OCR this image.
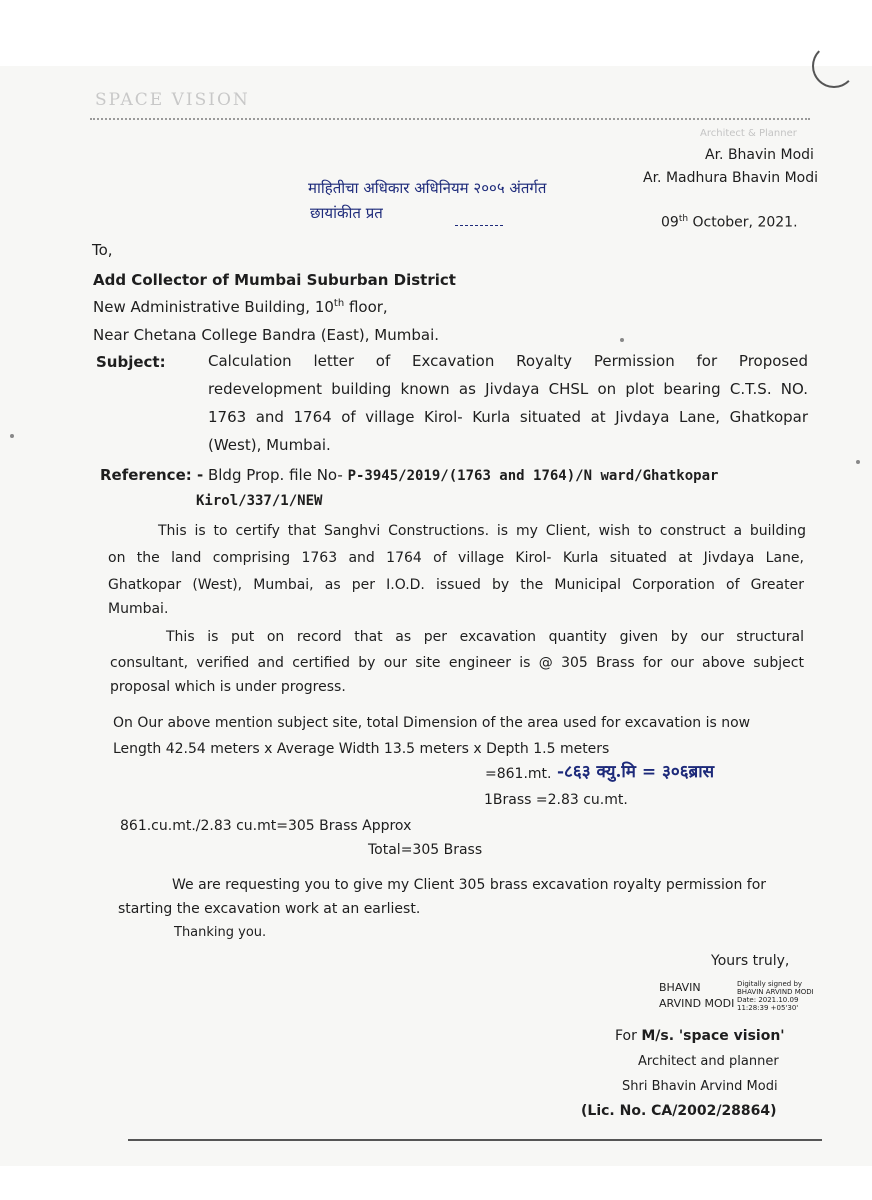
SPACE VISION
Architect & Planner
Ar. Bhavin Modi
Ar. Madhura Bhavin Modi
माहितीचा अधिकार अधिनियम २००५ अंतर्गत
छायांकीत प्रत
09th October, 2021.
To,
Add Collector of Mumbai Suburban District
New Administrative Building, 10th floor,
Near Chetana College Bandra (East), Mumbai.
Subject:	Calculation letter of Excavation Royalty Permission for Proposed
redevelopment building known as Jivdaya CHSL on plot bearing C.T.S. NO.
1763 and 1764 of village Kirol- Kurla situated at Jivdaya Lane, Ghatkopar
(West), Mumbai.
Reference: - Bldg Prop. file No- P-3945/2019/(1763 and 1764)/N ward/Ghatkopar
Kirol/337/1/NEW
This is to certify that Sanghvi Constructions. is my Client, wish to construct a building
on the land comprising 1763 and 1764 of village Kirol- Kurla situated at Jivdaya Lane,
Ghatkopar (West), Mumbai, as per I.O.D. issued by the Municipal Corporation of Greater
Mumbai.
This is put on record that as per excavation quantity given by our structural
consultant, verified and certified by our site engineer is @ 305 Brass for our above subject
proposal which is under progress.
On Our above mention subject site, total Dimension of the area used for excavation is now
Length 42.54 meters x Average Width 13.5 meters x Depth 1.5 meters
=861.mt. -८६३ क्यु.मि = ३०६ब्रास
1Brass =2.83 cu.mt.
861.cu.mt./2.83 cu.mt=305 Brass Approx
Total=305 Brass
We are requesting you to give my Client 305 brass excavation royalty permission for
starting the excavation work at an earliest.
Thanking you.
Yours truly,
BHAVIN
ARVIND MODI
Digitally signed by
BHAVIN ARVIND MODI
Date: 2021.10.09
11:28:39 +05'30'
For M/s. 'space vision'
Architect and planner
Shri Bhavin Arvind Modi
(Lic. No. CA/2002/28864)
